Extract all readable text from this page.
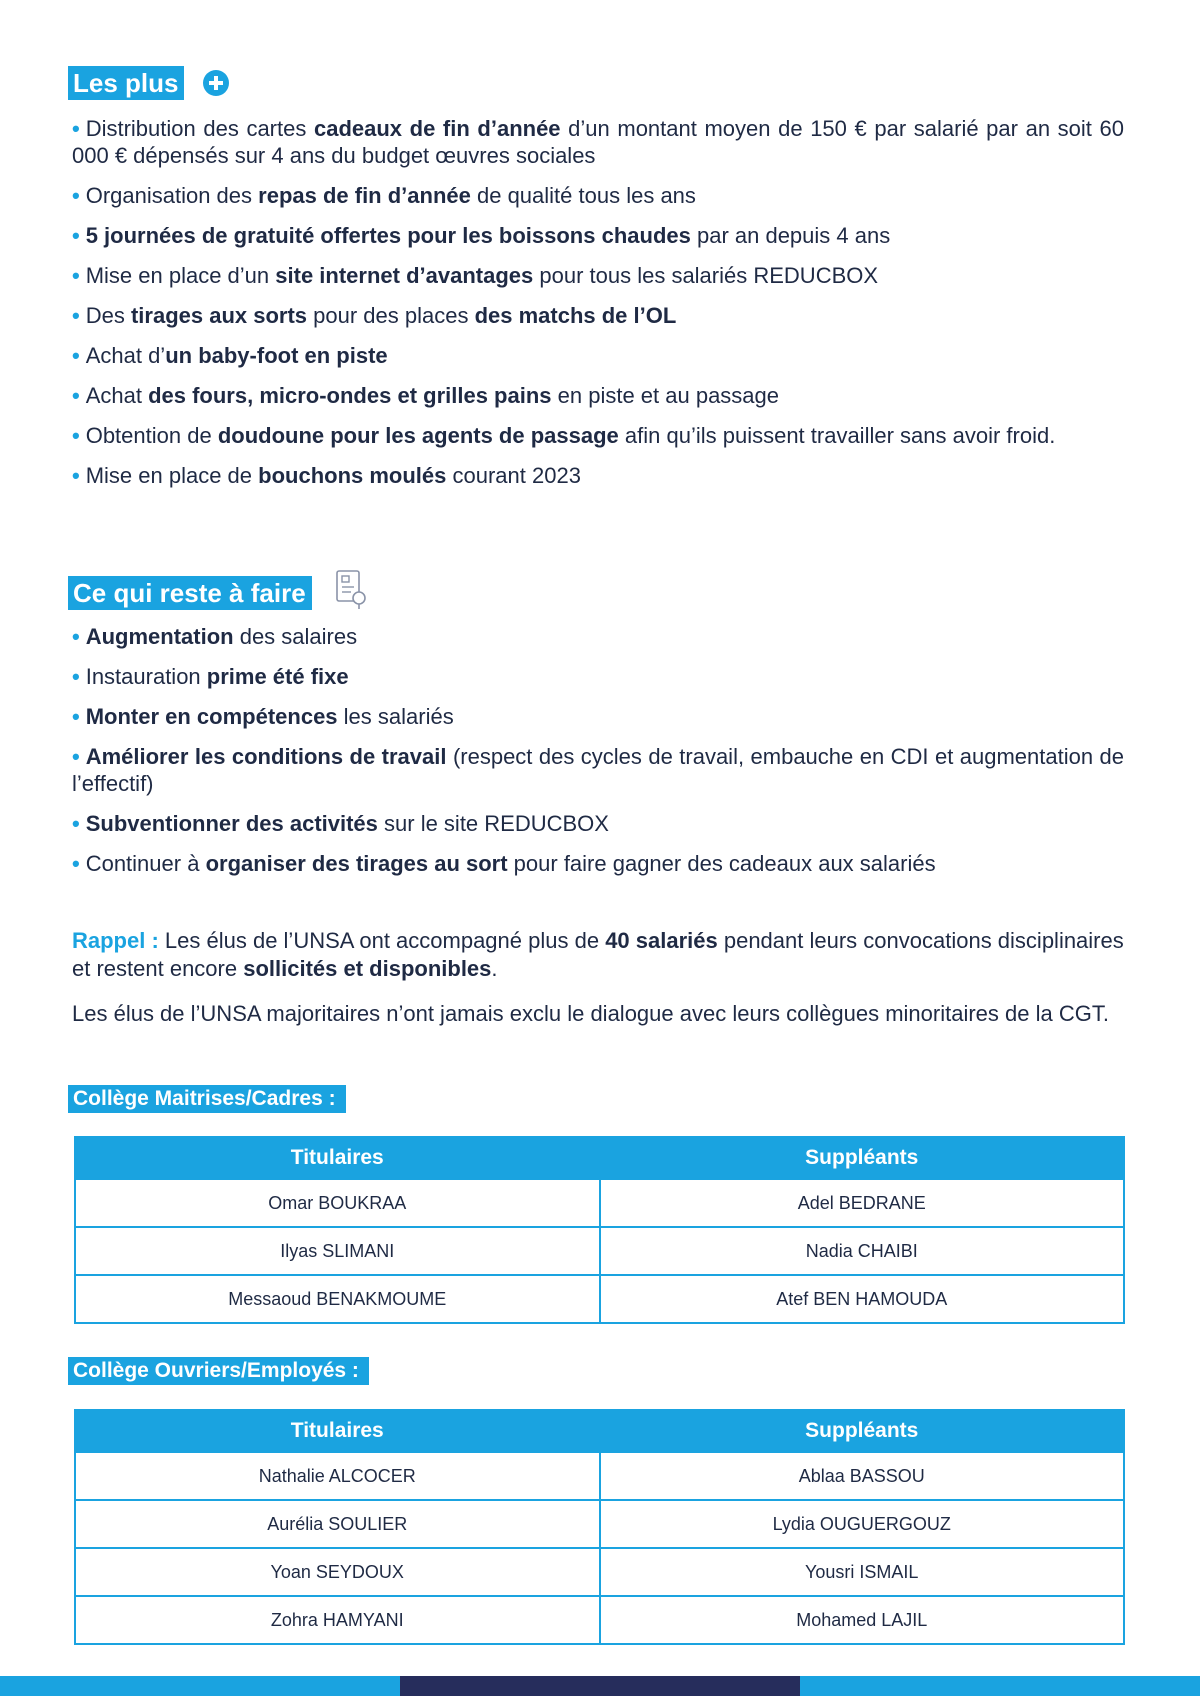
Les plus
• Distribution des cartes cadeaux de fin d’année d’un montant moyen de 150 € par salarié par an soit 60 000 € dépensés sur 4 ans du budget œuvres sociales
• Organisation des repas de fin d’année de qualité tous les ans
• 5 journées de gratuité offertes pour les boissons chaudes par an depuis 4 ans
• Mise en place d’un site internet d’avantages pour tous les salariés REDUCBOX
• Des tirages aux sorts pour des places des matchs de l’OL
• Achat d’un baby-foot en piste
• Achat des fours, micro-ondes et grilles pains en piste et au passage
• Obtention de doudoune pour les agents de passage afin qu’ils puissent travailler sans avoir froid.
• Mise en place de bouchons moulés courant 2023
Ce qui reste à faire
• Augmentation des salaires
• Instauration prime été fixe
• Monter en compétences les salariés
• Améliorer les conditions de travail (respect des cycles de travail, embauche en CDI et augmentation de l’effectif)
• Subventionner des activités sur le site REDUCBOX
• Continuer à organiser des tirages au sort pour faire gagner des cadeaux aux salariés

Rappel : Les élus de l’UNSA ont accompagné plus de 40 salariés pendant leurs convocations disciplinaires et restent encore sollicités et disponibles.

Les élus de l’UNSA majoritaires n’ont jamais exclu le dialogue avec leurs collègues minoritaires de la CGT.

Collège Maitrises/Cadres :
Titulaires	Suppléants
Omar BOUKRAA	Adel BEDRANE
Ilyas SLIMANI	Nadia CHAIBI
Messaoud BENAKMOUME	Atef BEN HAMOUDA
Collège Ouvriers/Employés :
Titulaires	Suppléants
Nathalie ALCOCER	Ablaa BASSOU
Aurélia SOULIER	Lydia OUGUERGOUZ
Yoan SEYDOUX	Yousri ISMAIL
Zohra HAMYANI	Mohamed LAJIL
